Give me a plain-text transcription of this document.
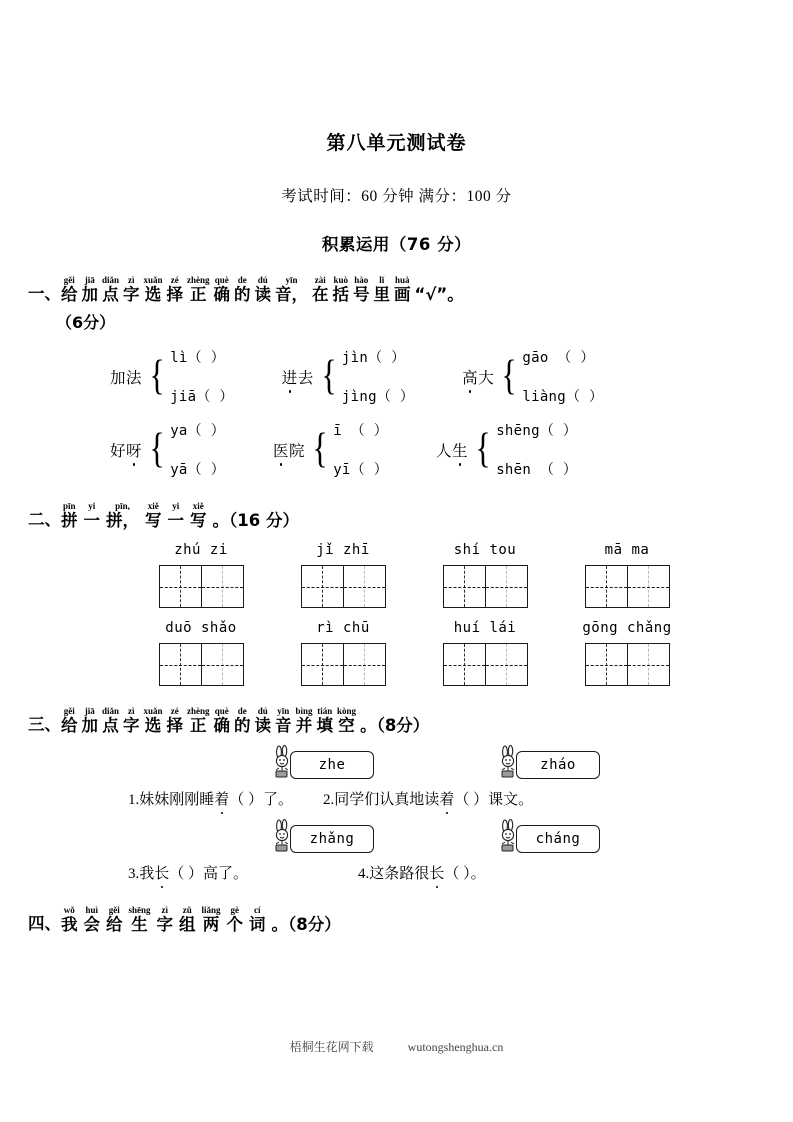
第八单元测试卷
考试时间：60 分钟 满分：100 分
积累运用（76 分）
一、
gěi
给
jiā
加
diǎn
点
zì
字
xuǎn
选
zé
择
zhèng
正
què
确
de
的
dú
读
yīn
音，
zài
在
kuò
括
hào
号
lǐ
里
huà
画 “√”。
（6分）
加法 { lì（ ）
jiā（ ）
进去 { jìn（ ）
jìng（ ）
高大 { gāo （ ）
liàng（ ）
好呀 { ya（ ）
yā（ ）
医院 { ī （ ）
yī（ ）
人生 { shēng（ ）
shēn （ ）
二、
pīn
拼
yi
一
pīn,
拼，
xiě
写
yi
一
xiě
写 。（16 分）
zhú zi	jǐ zhī	shí tou	mā ma
duō shǎo	rì chū	huí lái	gōng chǎng
三、
gěi
给
jiā
加
diǎn
点
zì
字
xuǎn
选
zé
择
zhèng
正
què
确
de
的
dú
读
yīn
音
bìng
并
tián
填
kòng
空 。（8分）
zhe	zháo
1.妹妹刚刚睡着（ ）了。 2.同学们认真地读着（ ）课文。
zhǎng	cháng
3.我长（ ）高了。	4.这条路很长（ ）。
四、
wǒ
我
huì
会
gěi
给
shēng
生
zì
字
zǔ
组
liǎng
两
gè
个
cí
词 。（8分）
梧桐生花网下载	wutongshenghua.cn
